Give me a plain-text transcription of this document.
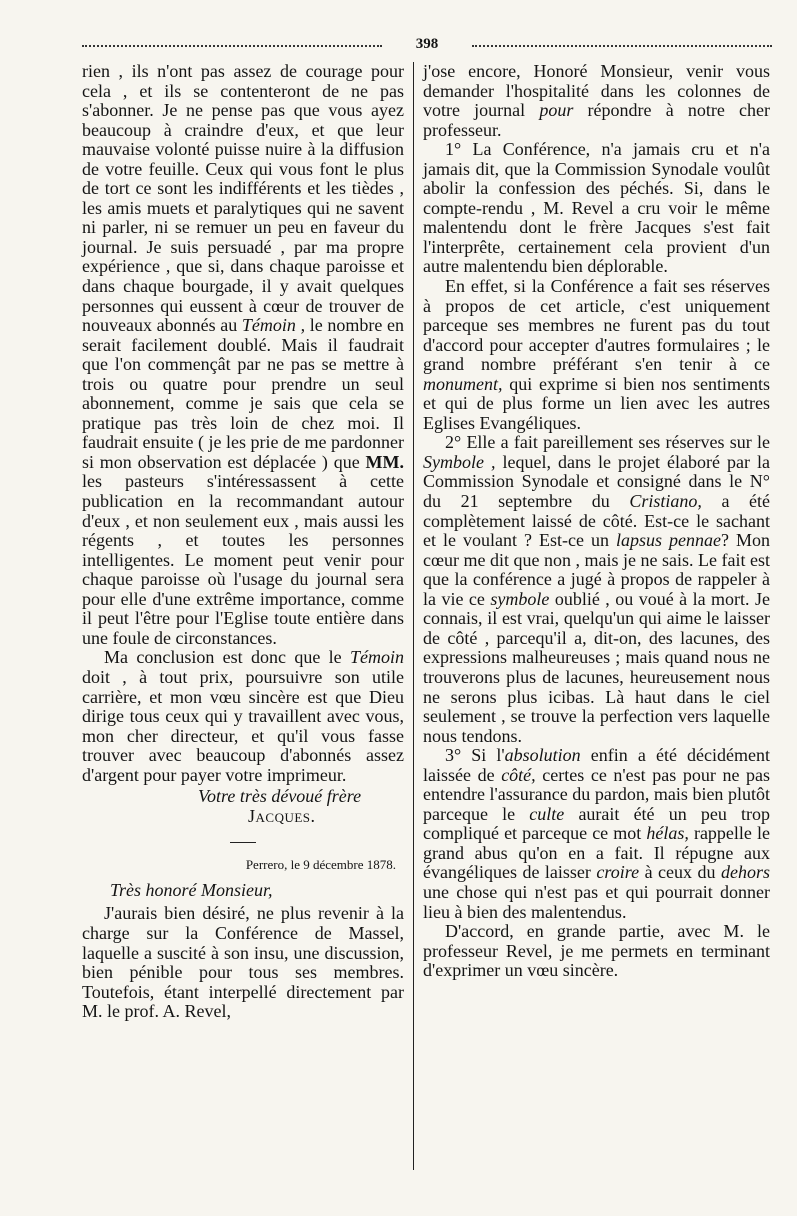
398

rien , ils n'ont pas assez de courage pour cela , et ils se contenteront de ne pas s'abonner. Je ne pense pas que vous ayez beaucoup à craindre d'eux, et que leur mauvaise volonté puisse nuire à la diffusion de votre feuille. Ceux qui vous font le plus de tort ce sont les indifférents et les tièdes , les amis muets et paralytiques qui ne savent ni parler, ni se remuer un peu en faveur du journal. Je suis persuadé , par ma propre expérience , que si, dans chaque paroisse et dans chaque bourgade, il y avait quelques personnes qui eussent à cœur de trouver de nouveaux abonnés au Témoin , le nombre en serait facilement doublé. Mais il faudrait que l'on commençât par ne pas se mettre à trois ou quatre pour prendre un seul abonnement, comme je sais que cela se pratique pas très loin de chez moi. Il faudrait ensuite ( je les prie de me pardonner si mon observation est déplacée ) que MM. les pasteurs s'intéressassent à cette publication en la recommandant autour d'eux , et non seulement eux , mais aussi les régents , et toutes les personnes intelligentes. Le moment peut venir pour chaque paroisse où l'usage du journal sera pour elle d'une extrême importance, comme il peut l'être pour l'Eglise toute entière dans une foule de circonstances.

Ma conclusion est donc que le Témoin doit , à tout prix, poursuivre son utile carrière, et mon vœu sincère est que Dieu dirige tous ceux qui y travaillent avec vous, mon cher directeur, et qu'il vous fasse trouver avec beaucoup d'abonnés assez d'argent pour payer votre imprimeur.

Votre très dévoué frère

Jacques.

Perrero, le 9 décembre 1878.

Très honoré Monsieur,

J'aurais bien désiré, ne plus revenir à la charge sur la Conférence de Massel, laquelle a suscité à son insu, une discussion, bien pénible pour tous ses membres. Toutefois, étant interpellé directement par M. le prof. A. Revel,

j'ose encore, Honoré Monsieur, venir vous demander l'hospitalité dans les colonnes de votre journal pour répondre à notre cher professeur.

1° La Conférence, n'a jamais cru et n'a jamais dit, que la Commission Synodale voulût abolir la confession des péchés. Si, dans le compte-rendu , M. Revel a cru voir le même malentendu dont le frère Jacques s'est fait l'interprête, certainement cela provient d'un autre malentendu bien déplorable.

En effet, si la Conférence a fait ses réserves à propos de cet article, c'est uniquement parceque ses membres ne furent pas du tout d'accord pour accepter d'autres formulaires ; le grand nombre préférant s'en tenir à ce monument, qui exprime si bien nos sentiments et qui de plus forme un lien avec les autres Eglises Evangéliques.

2° Elle a fait pareillement ses réserves sur le Symbole , lequel, dans le projet élaboré par la Commission Synodale et consigné dans le N° du 21 septembre du Cristiano, a été complètement laissé de côté. Est-ce le sachant et le voulant ? Est-ce un lapsus pennae? Mon cœur me dit que non , mais je ne sais. Le fait est que la conférence a jugé à propos de rappeler à la vie ce symbole oublié , ou voué à la mort. Je connais, il est vrai, quelqu'un qui aime le laisser de côté , parcequ'il a, dit-on, des lacunes, des expressions malheureuses ; mais quand nous ne trouverons plus de lacunes, heureusement nous ne serons plus icibas. Là haut dans le ciel seulement , se trouve la perfection vers laquelle nous tendons.

3° Si l'absolution enfin a été décidément laissée de côté, certes ce n'est pas pour ne pas entendre l'assurance du pardon, mais bien plutôt parceque le culte aurait été un peu trop compliqué et parceque ce mot hélas, rappelle le grand abus qu'on en a fait. Il répugne aux évangéliques de laisser croire à ceux du dehors une chose qui n'est pas et qui pourrait donner lieu à bien des malentendus.

D'accord, en grande partie, avec M. le professeur Revel, je me permets en terminant d'exprimer un vœu sincère.
